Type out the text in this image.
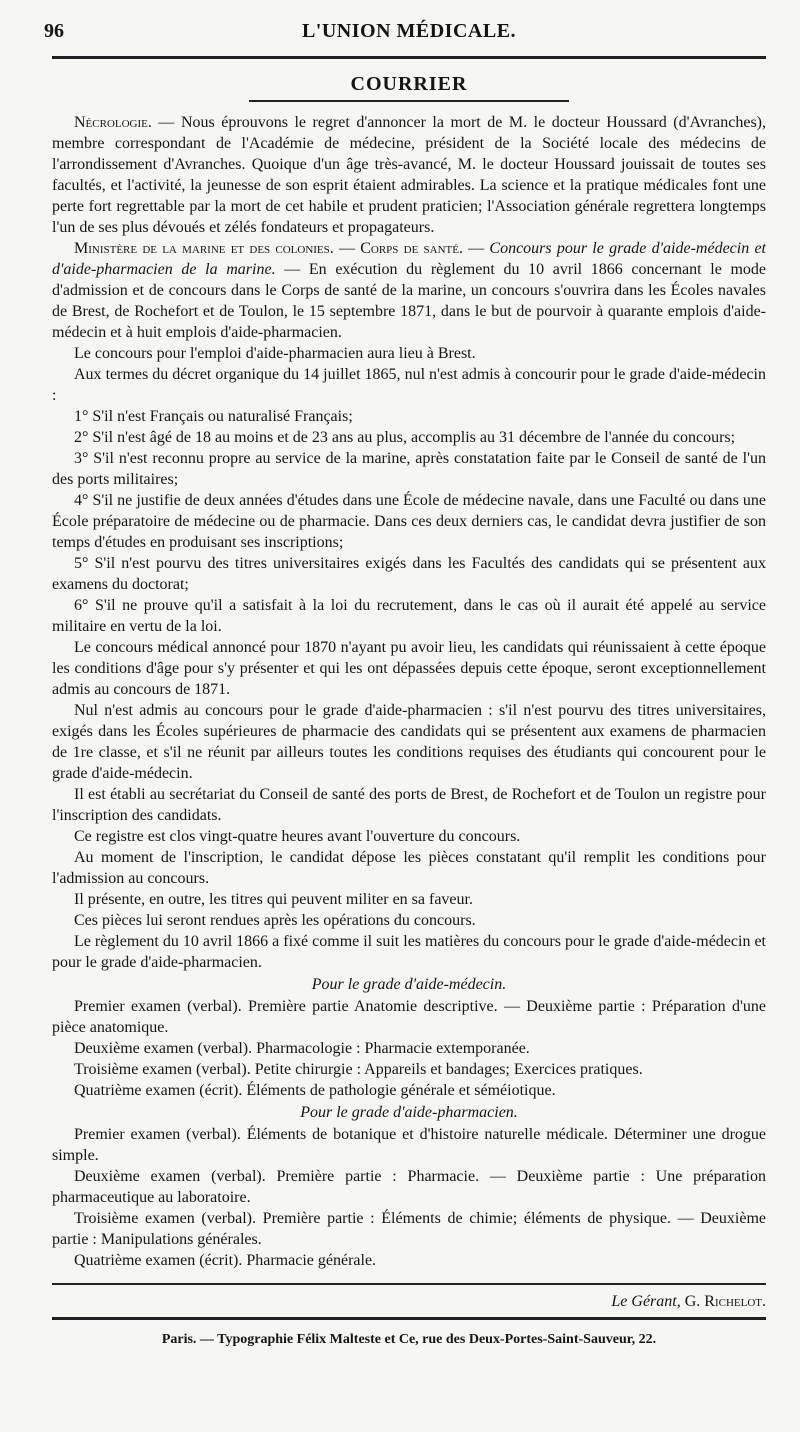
96	L'UNION MÉDICALE.
COURRIER

Nécrologie. — Nous éprouvons le regret d'annoncer la mort de M. le docteur Houssard (d'Avranches), membre correspondant de l'Académie de médecine, président de la Société locale des médecins de l'arrondissement d'Avranches. Quoique d'un âge très-avancé, M. le docteur Houssard jouissait de toutes ses facultés, et l'activité, la jeunesse de son esprit étaient admirables. La science et la pratique médicales font une perte fort regrettable par la mort de cet habile et prudent praticien; l'Association générale regrettera longtemps l'un de ses plus dévoués et zélés fondateurs et propagateurs.

Ministère de la marine et des colonies. — Corps de santé. — Concours pour le grade d'aide-médecin et d'aide-pharmacien de la marine. — En exécution du règlement du 10 avril 1866 concernant le mode d'admission et de concours dans le Corps de santé de la marine, un concours s'ouvrira dans les Écoles navales de Brest, de Rochefort et de Toulon, le 15 septembre 1871, dans le but de pourvoir à quarante emplois d'aide-médecin et à huit emplois d'aide-pharmacien.

Le concours pour l'emploi d'aide-pharmacien aura lieu à Brest.

Aux termes du décret organique du 14 juillet 1865, nul n'est admis à concourir pour le grade d'aide-médecin :

1° S'il n'est Français ou naturalisé Français;

2° S'il n'est âgé de 18 au moins et de 23 ans au plus, accomplis au 31 décembre de l'année du concours;

3° S'il n'est reconnu propre au service de la marine, après constatation faite par le Conseil de santé de l'un des ports militaires;

4° S'il ne justifie de deux années d'études dans une École de médecine navale, dans une Faculté ou dans une École préparatoire de médecine ou de pharmacie. Dans ces deux derniers cas, le candidat devra justifier de son temps d'études en produisant ses inscriptions;

5° S'il n'est pourvu des titres universitaires exigés dans les Facultés des candidats qui se présentent aux examens du doctorat;

6° S'il ne prouve qu'il a satisfait à la loi du recrutement, dans le cas où il aurait été appelé au service militaire en vertu de la loi.

Le concours médical annoncé pour 1870 n'ayant pu avoir lieu, les candidats qui réunissaient à cette époque les conditions d'âge pour s'y présenter et qui les ont dépassées depuis cette époque, seront exceptionnellement admis au concours de 1871.

Nul n'est admis au concours pour le grade d'aide-pharmacien : s'il n'est pourvu des titres universitaires, exigés dans les Écoles supérieures de pharmacie des candidats qui se présentent aux examens de pharmacien de 1re classe, et s'il ne réunit par ailleurs toutes les conditions requises des étudiants qui concourent pour le grade d'aide-médecin.

Il est établi au secrétariat du Conseil de santé des ports de Brest, de Rochefort et de Toulon un registre pour l'inscription des candidats.

Ce registre est clos vingt-quatre heures avant l'ouverture du concours.

Au moment de l'inscription, le candidat dépose les pièces constatant qu'il remplit les conditions pour l'admission au concours.

Il présente, en outre, les titres qui peuvent militer en sa faveur.

Ces pièces lui seront rendues après les opérations du concours.

Le règlement du 10 avril 1866 a fixé comme il suit les matières du concours pour le grade d'aide-médecin et pour le grade d'aide-pharmacien.

Pour le grade d'aide-médecin.

Premier examen (verbal). Première partie Anatomie descriptive. — Deuxième partie : Préparation d'une pièce anatomique.

Deuxième examen (verbal). Pharmacologie : Pharmacie extemporanée.

Troisième examen (verbal). Petite chirurgie : Appareils et bandages; Exercices pratiques.

Quatrième examen (écrit). Éléments de pathologie générale et séméiotique.

Pour le grade d'aide-pharmacien.

Premier examen (verbal). Éléments de botanique et d'histoire naturelle médicale. Déterminer une drogue simple.

Deuxième examen (verbal). Première partie : Pharmacie. — Deuxième partie : Une préparation pharmaceutique au laboratoire.

Troisième examen (verbal). Première partie : Éléments de chimie; éléments de physique. — Deuxième partie : Manipulations générales.

Quatrième examen (écrit). Pharmacie générale.

Le Gérant, G. Richelot.
Paris. — Typographie Félix Malteste et Ce, rue des Deux-Portes-Saint-Sauveur, 22.
